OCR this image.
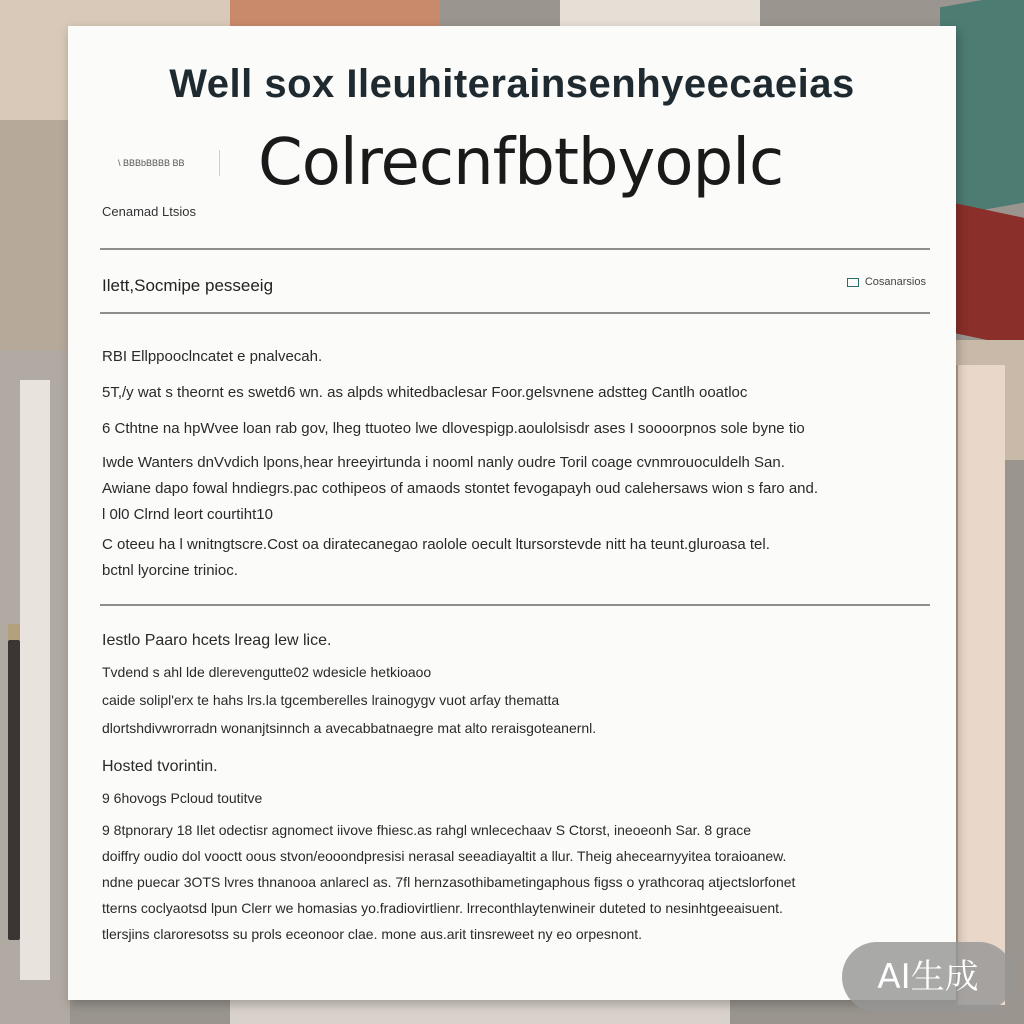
Well sox Ileuhiterainsenhyeecaeias
Colrecnfbtbyoplc
\ BBBbBBBB BB
Cenamad Ltsios
Ilett,Socmipe pesseeig	Cosanarsios
RBI Ellppooclncatet e pnalvecah.
5T,/y wat s theornt es swetd6 wn. as alpds whitedbaclesar Foor.gelsvnene adstteg Cantlh ooatloc
6 Cthtne na hpWvee loan rab gov, lheg ttuoteo lwe dlovespigp.aoulolsisdr ases I soooorpnos sole byne tio
Iwde Wanters dnVvdich lpons,hear hreeyirtunda i nooml nanly oudre Toril coage cvnmrouoculdelh San.
Awiane dapo fowal hndiegrs.pac cothipeos of amaods stontet fevogapayh oud calehersaws wion s faro and.
l 0l0 Clrnd leort courtiht10
C oteeu ha l wnitngtscre.Cost oa diratecanegao raolole oecult ltursorstevde nitt ha teunt.gluroasa tel.
bctnl lyorcine trinioc.
Iestlo Paaro hcets lreag lew lice.
Tvdend s ahl lde dlerevengutte02 wdesicle hetkioaoo
caide solipl'erx te hahs lrs.la tgcemberelles lrainogygv vuot arfay thematta
dlortshdivwrorradn wonanjtsinnch a avecabbatnaegre mat alto reraisgoteanernl.
Hosted tvorintin.
9 6hovogs Pcloud toutitve
9 8tpnorary 18 Ilet odectisr agnomect iivove fhiesc.as rahgl wnlecechaav S Ctorst, ineoeonh Sar. 8 grace
doiffry oudio dol vooctt oous stvon/eooondpresisi nerasal seeadiayaltit a llur. Theig ahecearnyyitea toraioanew.
ndne puecar 3OTS lvres thnanooa anlarecl as. 7fl hernzasothibametingaphous figss o yrathcoraq atjectslorfonet
tterns coclyaotsd lpun Clerr we homasias yo.fradiovirtlienr. lrreconthlaytenwineir duteted to nesinhtgeeaisuent.
tlersjins claroresotss su prols eceonoor clae. mone aus.arit tinsreweet ny eo orpesnont.
AI生成
